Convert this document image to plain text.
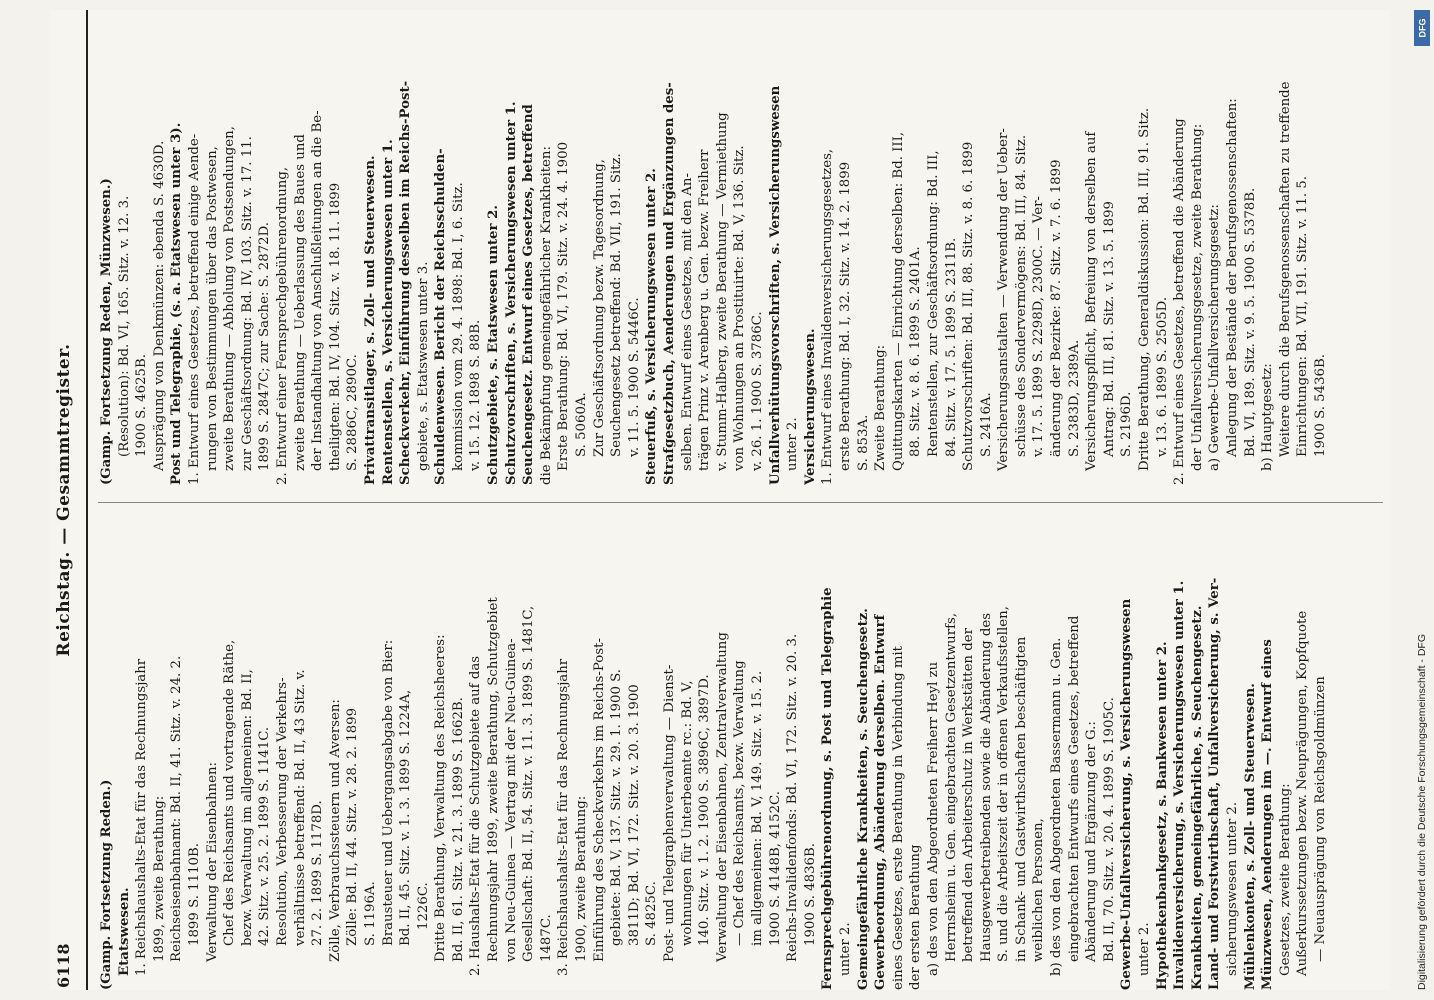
6118
Reichstag. — Gesammtregister.
(Gamp. Fortsetzung Reden.) Etatswesen. 1. Reichshaushalts-Etat für das Rechnungsjahr 1899, zweite Berathung: Reichseisenbahnamt: Bd. II, 41. Sitz. v. 24. 2. 1899 S. 1110B. Verwaltung der Eisenbahnen: Chef des Reichsamts und vortragende Räthe, bezw. Verwaltung im allgemeinen: Bd. II, 42. Sitz. v. 25. 2. 1899 S. 1141C. Resolution, Verbesserung der Verkehrs- verhältnisse betreffend: Bd. II, 43 Sitz. v. 27. 2. 1899 S. 1178D. Zölle, Verbrauchssteuern und Aversen: Zölle: Bd. II, 44. Sitz. v. 28. 2. 1899 S. 1196A. Brausteuer und Uebergangsabgabe von Bier: Bd. II, 45. Sitz. v. 1. 3. 1899 S. 1224A, 1226C. Dritte Berathung, Verwaltung des Reichsheeres: Bd. II, 61. Sitz. v. 21. 3. 1899 S. 1662B. 2. Haushalts-Etat für die Schutzgebiete auf das Rechnungsjahr 1899, zweite Berathung, Schutzgebiet von Neu-Guinea — Vertrag mit der Neu-Guinea- Gesellschaft: Bd. II, 54. Sitz. v. 11. 3. 1899 S. 1481C, 1487C. 3. Reichshaushalts-Etat für das Rechnungsjahr 1900, zweite Berathung: Einführung des Scheckverkehrs im Reichs-Post- gebiete: Bd. V, 137. Sitz. v. 29. 1. 1900 S. 3811D; Bd. VI, 172. Sitz. v. 20. 3. 1900 S. 4825C. Post- und Telegraphenverwaltung — Dienst- wohnungen für Unterbeamte rc.: Bd. V, 140. Sitz. v. 1. 2. 1900 S. 3896C, 3897D. Verwaltung der Eisenbahnen, Zentralverwaltung — Chef des Reichsamts, bezw. Verwaltung im allgemeinen: Bd. V, 149. Sitz. v. 15. 2. 1900 S. 4148B, 4152C. Reichs-Invalidenfonds: Bd. VI, 172. Sitz. v. 20. 3. 1900 S. 4836B. Fernsprechgebührenordnung, s. Post und Telegraphie unter 2. Gemeingefährliche Krankheiten, s. Seuchengesetz. Gewerbeordnung, Abänderung derselben. Entwurf eines Gesetzes, erste Berathung in Verbindung mit der ersten Berathung a) des von den Abgeordneten Freiherr Heyl zu Herrnsheim u. Gen. eingebrachten Gesetzentwurfs, betreffend den Arbeiterschutz in Werkstätten der Hausgewerbetreibenden sowie die Abänderung des S. und die Arbeitszeit der in offenen Verkaufsstellen, in Schank- und Gastwirthschaften beschäftigten weiblichen Personen, b) des von den Abgeordneten Bassermann u. Gen. eingebrachten Entwurfs eines Gesetzes, betreffend Abänderung und Ergänzung der G.: Bd. II, 70. Sitz. v. 20. 4. 1899 S. 1905C. Gewerbe-Unfallversicherung, s. Versicherungswesen unter 2. Hypothekenbankgesetz, s. Bankwesen unter 2. Invalidenversicherung, s. Versicherungswesen unter 1. Krankheiten, gemeingefährliche, s. Seuchengesetz. Land- und Forstwirthschaft, Unfallversicherung, s. Ver- sicherungswesen unter 2. Mühlenkonten, s. Zoll- und Steuerwesen. Münzwesen, Aenderungen im —. Entwurf eines Gesetzes, zweite Berathung: Außerkurssetzungen bezw. Neuprägungen, Kopfquote — Neuausprägung von Reichsgoldmünzen
(Gamp. Fortsetzung Reden, Münzwesen.) (Resolution): Bd. VI, 165. Sitz. v. 12. 3. 1900 S. 4625B. Ausprägung von Denkmünzen: ebenda S. 4630D. Post und Telegraphie, (s. a. Etatswesen unter 3). 1. Entwurf eines Gesetzes, betreffend einige Aende- rungen von Bestimmungen über das Postwesen, zweite Berathung — Abholung von Postsendungen, zur Geschäftsordnung: Bd. IV, 103. Sitz. v. 17. 11. 1899 S. 2847C; zur Sache: S. 2872D. 2. Entwurf einer Fernsprechgebührenordnung, zweite Berathung — Ueberlassung des Baues und der Instandhaltung von Anschlußleitungen an die Be- theiligten: Bd. IV, 104. Sitz. v. 18. 11. 1899 S. 2886C, 2890C. Privattransitlager, s. Zoll- und Steuerwesen. Rentenstellen, s. Versicherungswesen unter 1. Scheckverkehr, Einführung desselben im Reichs-Post- gebiete, s. Etatswesen unter 3. Schuldenwesen. Bericht der Reichsschulden- kommission vom 29. 4. 1898: Bd. I, 6. Sitz. v. 15. 12. 1898 S. 88B. Schutzgebiete, s. Etatswesen unter 2. Schutzvorschriften, s. Versicherungswesen unter 1. Seuchengesetz. Entwurf eines Gesetzes, betreffend die Bekämpfung gemeingefährlicher Krankheiten: Erste Berathung: Bd. VI, 179. Sitz. v. 24. 4. 1900 S. 5060A. Zur Geschäftsordnung bezw. Tagesordnung, Seuchengesetz betreffend: Bd. VII, 191. Sitz. v. 11. 5. 1900 S. 5446C. Steuerfuß, s. Versicherungswesen unter 2. Strafgesetzbuch, Aenderungen und Ergänzungen des- selben. Entwurf eines Gesetzes, mit den An- trägen Prinz v. Arenberg u. Gen. bezw. Freiherr v. Stumm-Halberg, zweite Berathung — Vermiethung von Wohnungen an Prostituirte: Bd. V, 136. Sitz. v. 26. 1. 1900 S. 3786C. Unfallverhütungsvorschriften, s. Versicherungswesen unter 2. Versicherungswesen. 1. Entwurf eines Invalidenversicherungsgesetzes, erste Berathung: Bd. I, 32. Sitz. v. 14. 2. 1899 S. 853A. Zweite Berathung: Quittungskarten — Einrichtung derselben: Bd. III, 88. Sitz. v. 8. 6. 1899 S. 2401A. Rentenstellen, zur Geschäftsordnung: Bd. III, 84. Sitz. v. 17. 5. 1899 S. 2311B. Schutzvorschriften: Bd. III, 88. Sitz. v. 8. 6. 1899 S. 2416A. Versicherungsanstalten — Verwendung der Ueber- schüsse des Sondervermögens: Bd. III, 84. Sitz. v. 17. 5. 1899 S. 2298D, 2300C. — Ver- änderung der Bezirke: 87. Sitz. v. 7. 6. 1899 S. 2383D, 2389A. Versicherungspflicht, Befreiung von derselben auf Antrag: Bd. III, 81. Sitz. v. 13. 5. 1899 S. 2196D. Dritte Berathung, Generaldiskussion: Bd. III, 91. Sitz. v. 13. 6. 1899 S. 2505D. 2. Entwurf eines Gesetzes, betreffend die Abänderung der Unfallversicherungsgesetze, zweite Berathung: a) Gewerbe-Unfallversicherungsgesetz: Anlegung der Bestände der Berufsgenossenschaften: Bd. VI, 189. Sitz. v. 9. 5. 1900 S. 5378B. b) Hauptgesetz: Weitere durch die Berufsgenossenschaften zu treffende Einrichtungen: Bd. VII, 191. Sitz. v. 11. 5. 1900 S. 5436B.
DFG
Digitalisierung gefördert durch die Deutsche Forschungsgemeinschaft - DFG
